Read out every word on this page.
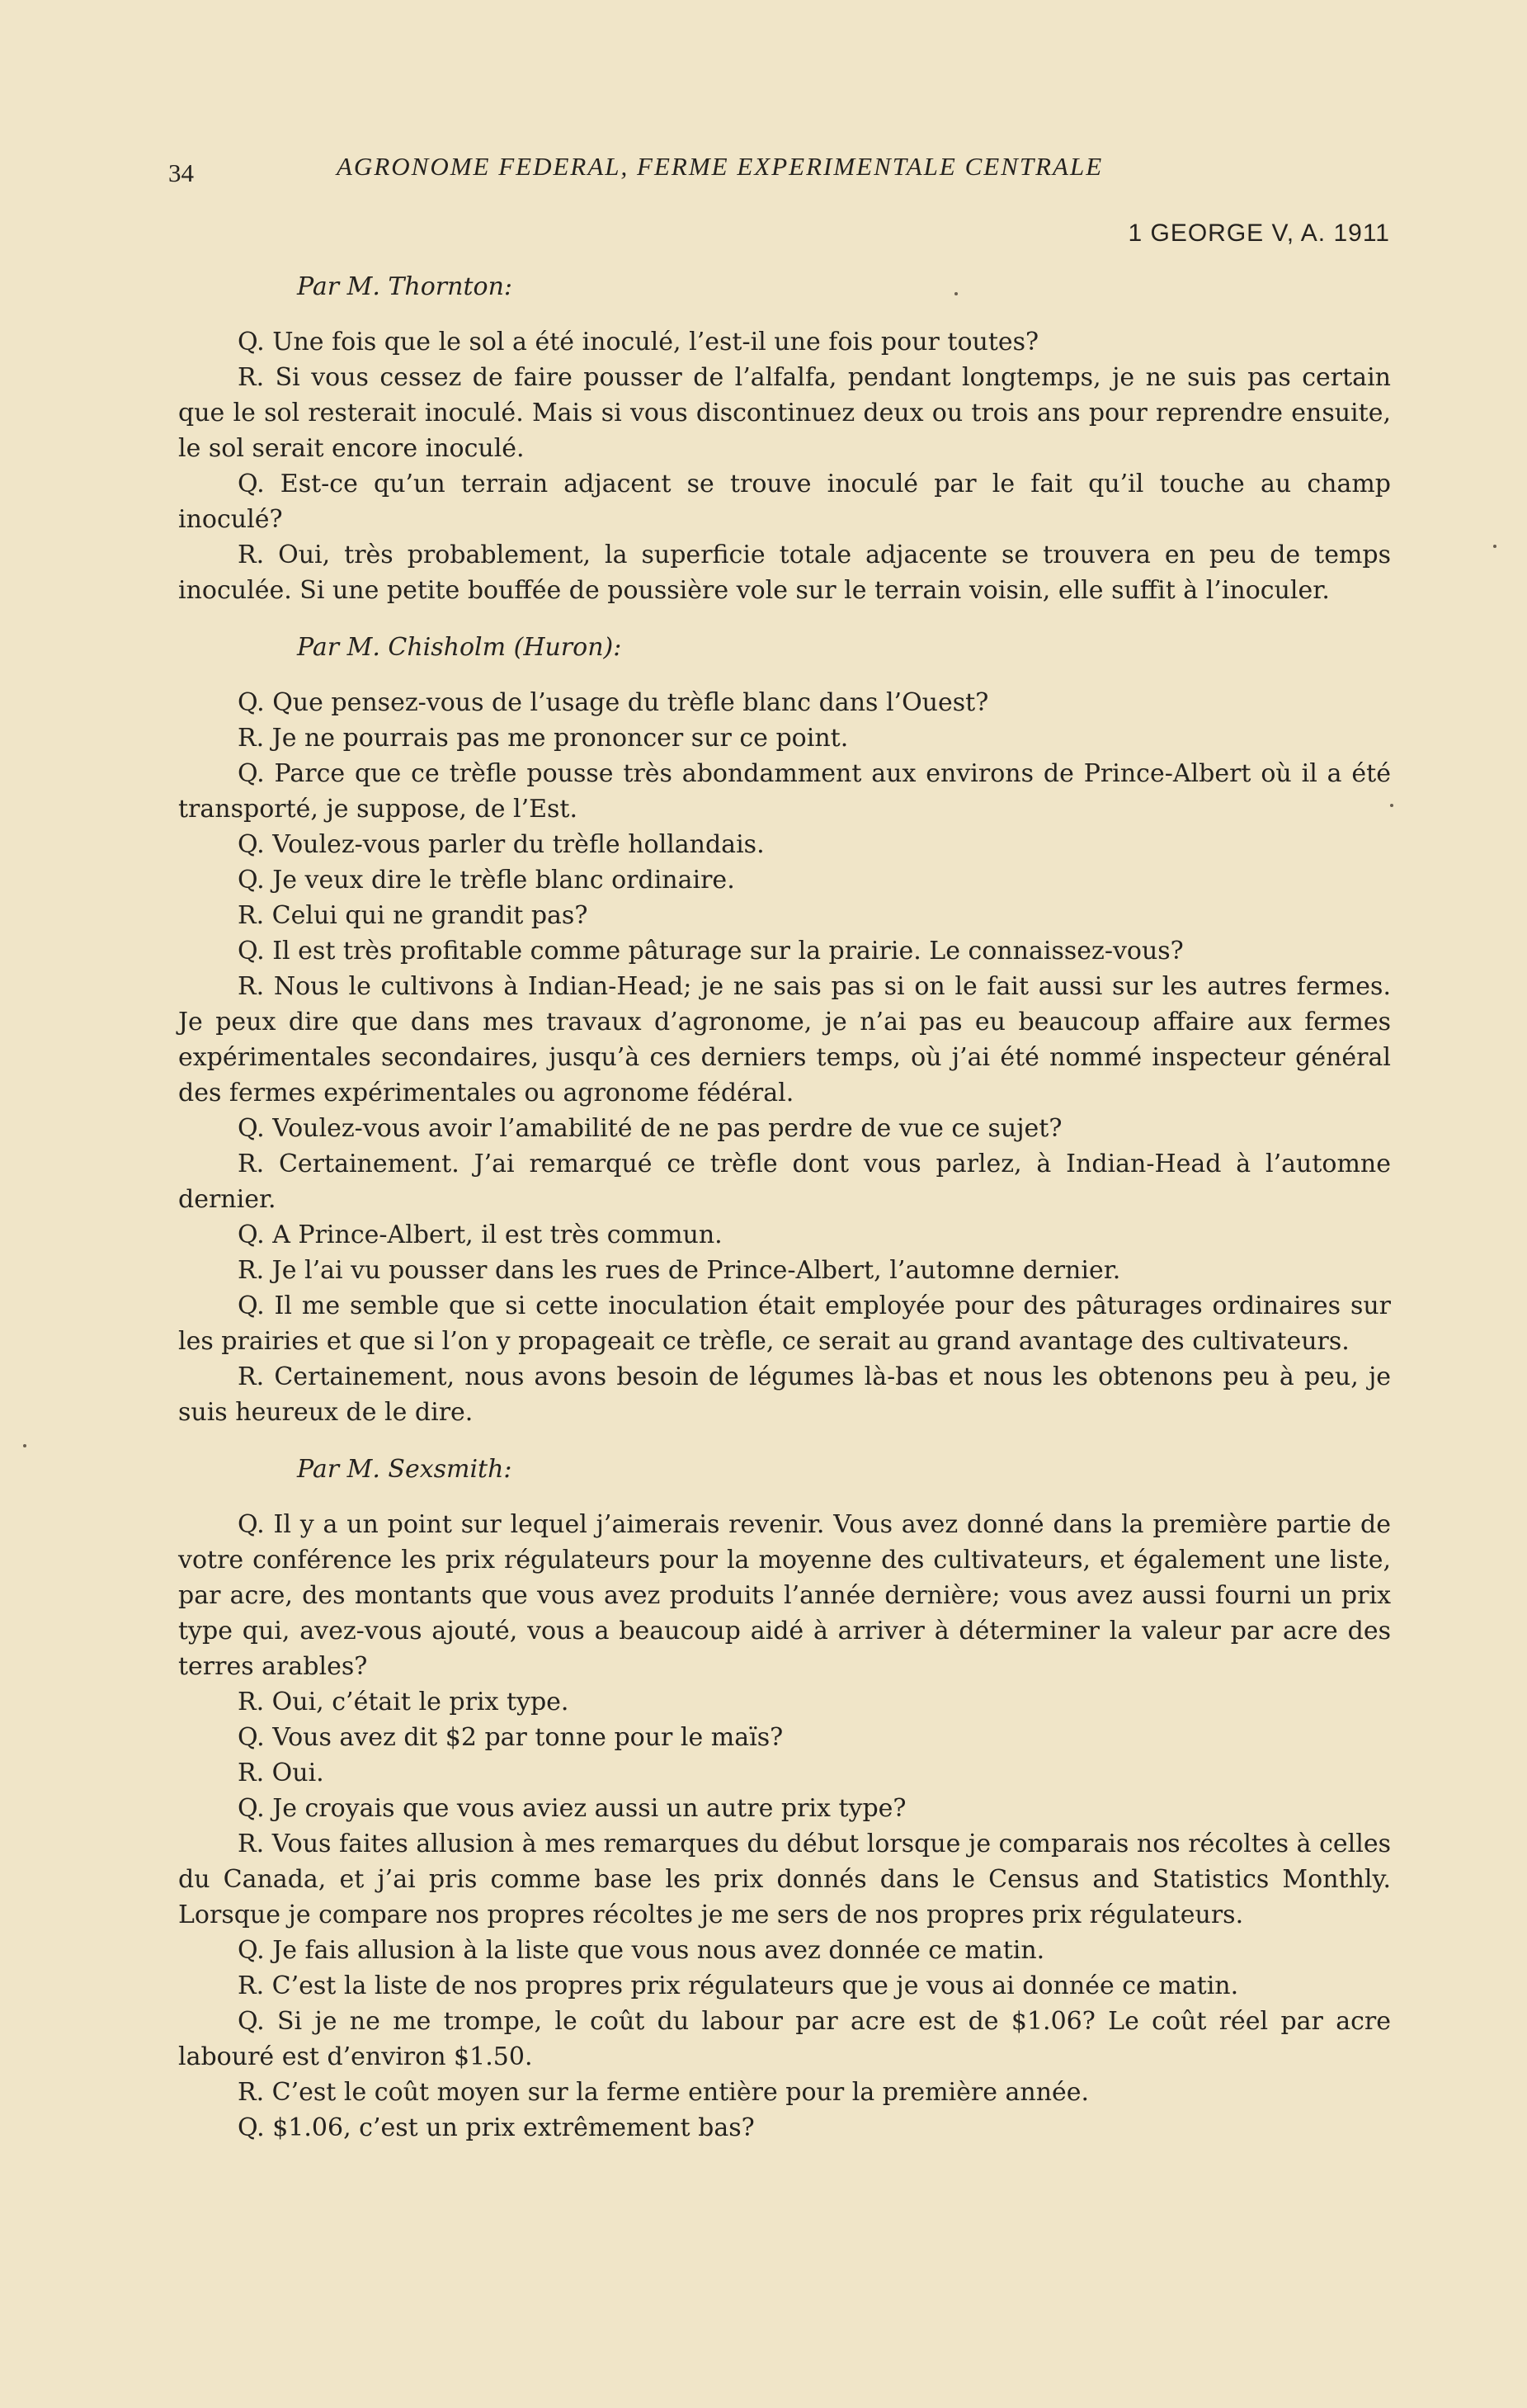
34	AGRONOME FEDERAL, FERME EXPERIMENTALE CENTRALE
1 GEORGE V, A. 1911

Par M. Thornton:

Q. Une fois que le sol a été inoculé, l’est-il une fois pour toutes?

R. Si vous cessez de faire pousser de l’alfalfa, pendant longtemps, je ne suis pas certain que le sol resterait inoculé. Mais si vous discontinuez deux ou trois ans pour reprendre ensuite, le sol serait encore inoculé.

Q. Est-ce qu’un terrain adjacent se trouve inoculé par le fait qu’il touche au champ inoculé?

R. Oui, très probablement, la superficie totale adjacente se trouvera en peu de temps inoculée. Si une petite bouffée de poussière vole sur le terrain voisin, elle suffit à l’inoculer.

Par M. Chisholm (Huron):

Q. Que pensez-vous de l’usage du trèfle blanc dans l’Ouest?

R. Je ne pourrais pas me prononcer sur ce point.

Q. Parce que ce trèfle pousse très abondamment aux environs de Prince-Albert où il a été transporté, je suppose, de l’Est.

Q. Voulez-vous parler du trèfle hollandais.

Q. Je veux dire le trèfle blanc ordinaire.

R. Celui qui ne grandit pas?

Q. Il est très profitable comme pâturage sur la prairie. Le connaissez-vous?

R. Nous le cultivons à Indian-Head; je ne sais pas si on le fait aussi sur les autres fermes. Je peux dire que dans mes travaux d’agronome, je n’ai pas eu beaucoup affaire aux fermes expérimentales secondaires, jusqu’à ces derniers temps, où j’ai été nommé inspecteur général des fermes expérimentales ou agronome fédéral.

Q. Voulez-vous avoir l’amabilité de ne pas perdre de vue ce sujet?

R. Certainement. J’ai remarqué ce trèfle dont vous parlez, à Indian-Head à l’automne dernier.

Q. A Prince-Albert, il est très commun.

R. Je l’ai vu pousser dans les rues de Prince-Albert, l’automne dernier.

Q. Il me semble que si cette inoculation était employée pour des pâturages ordinaires sur les prairies et que si l’on y propageait ce trèfle, ce serait au grand avantage des cultivateurs.

R. Certainement, nous avons besoin de légumes là-bas et nous les obtenons peu à peu, je suis heureux de le dire.

Par M. Sexsmith:

Q. Il y a un point sur lequel j’aimerais revenir. Vous avez donné dans la première partie de votre conférence les prix régulateurs pour la moyenne des cultivateurs, et également une liste, par acre, des montants que vous avez produits l’année dernière; vous avez aussi fourni un prix type qui, avez-vous ajouté, vous a beaucoup aidé à arriver à déterminer la valeur par acre des terres arables?

R. Oui, c’était le prix type.

Q. Vous avez dit $2 par tonne pour le maïs?

R. Oui.

Q. Je croyais que vous aviez aussi un autre prix type?

R. Vous faites allusion à mes remarques du début lorsque je comparais nos récoltes à celles du Canada, et j’ai pris comme base les prix donnés dans le Census and Statistics Monthly. Lorsque je compare nos propres récoltes je me sers de nos propres prix régulateurs.

Q. Je fais allusion à la liste que vous nous avez donnée ce matin.

R. C’est la liste de nos propres prix régulateurs que je vous ai donnée ce matin.

Q. Si je ne me trompe, le coût du labour par acre est de $1.06? Le coût réel par acre labouré est d’environ $1.50.

R. C’est le coût moyen sur la ferme entière pour la première année.

Q. $1.06, c’est un prix extrêmement bas?
